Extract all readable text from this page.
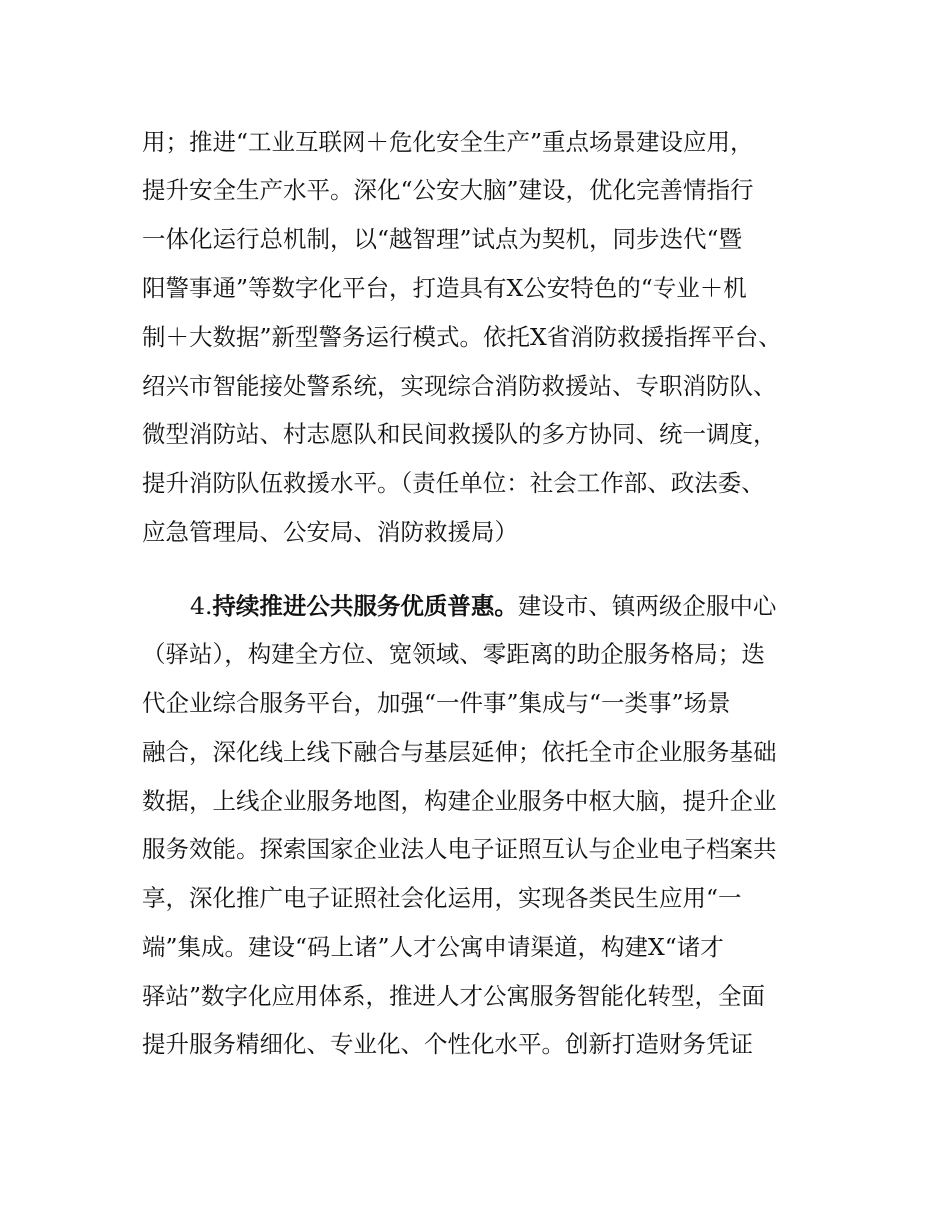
用；推进“工业互联网＋危化安全生产”重点场景建设应用，
提升安全生产水平。深化“公安大脑”建设，优化完善情指行
一体化运行总机制，以“越智理”试点为契机，同步迭代“暨
阳警事通”等数字化平台，打造具有X公安特色的“专业＋机
制＋大数据”新型警务运行模式。依托X省消防救援指挥平台、
绍兴市智能接处警系统，实现综合消防救援站、专职消防队、
微型消防站、村志愿队和民间救援队的多方协同、统一调度，
提升消防队伍救援水平。（责任单位：社会工作部、政法委、
应急管理局、公安局、消防救援局）
4.持续推进公共服务优质普惠。建设市、镇两级企服中心
（驿站），构建全方位、宽领域、零距离的助企服务格局；迭
代企业综合服务平台，加强“一件事”集成与“一类事”场景
融合，深化线上线下融合与基层延伸；依托全市企业服务基础
数据，上线企业服务地图，构建企业服务中枢大脑，提升企业
服务效能。探索国家企业法人电子证照互认与企业电子档案共
享，深化推广电子证照社会化运用，实现各类民生应用“一
端”集成。建设“码上诸”人才公寓申请渠道，构建X“诸才
驿站”数字化应用体系，推进人才公寓服务智能化转型，全面
提升服务精细化、专业化、个性化水平。创新打造财务凭证
